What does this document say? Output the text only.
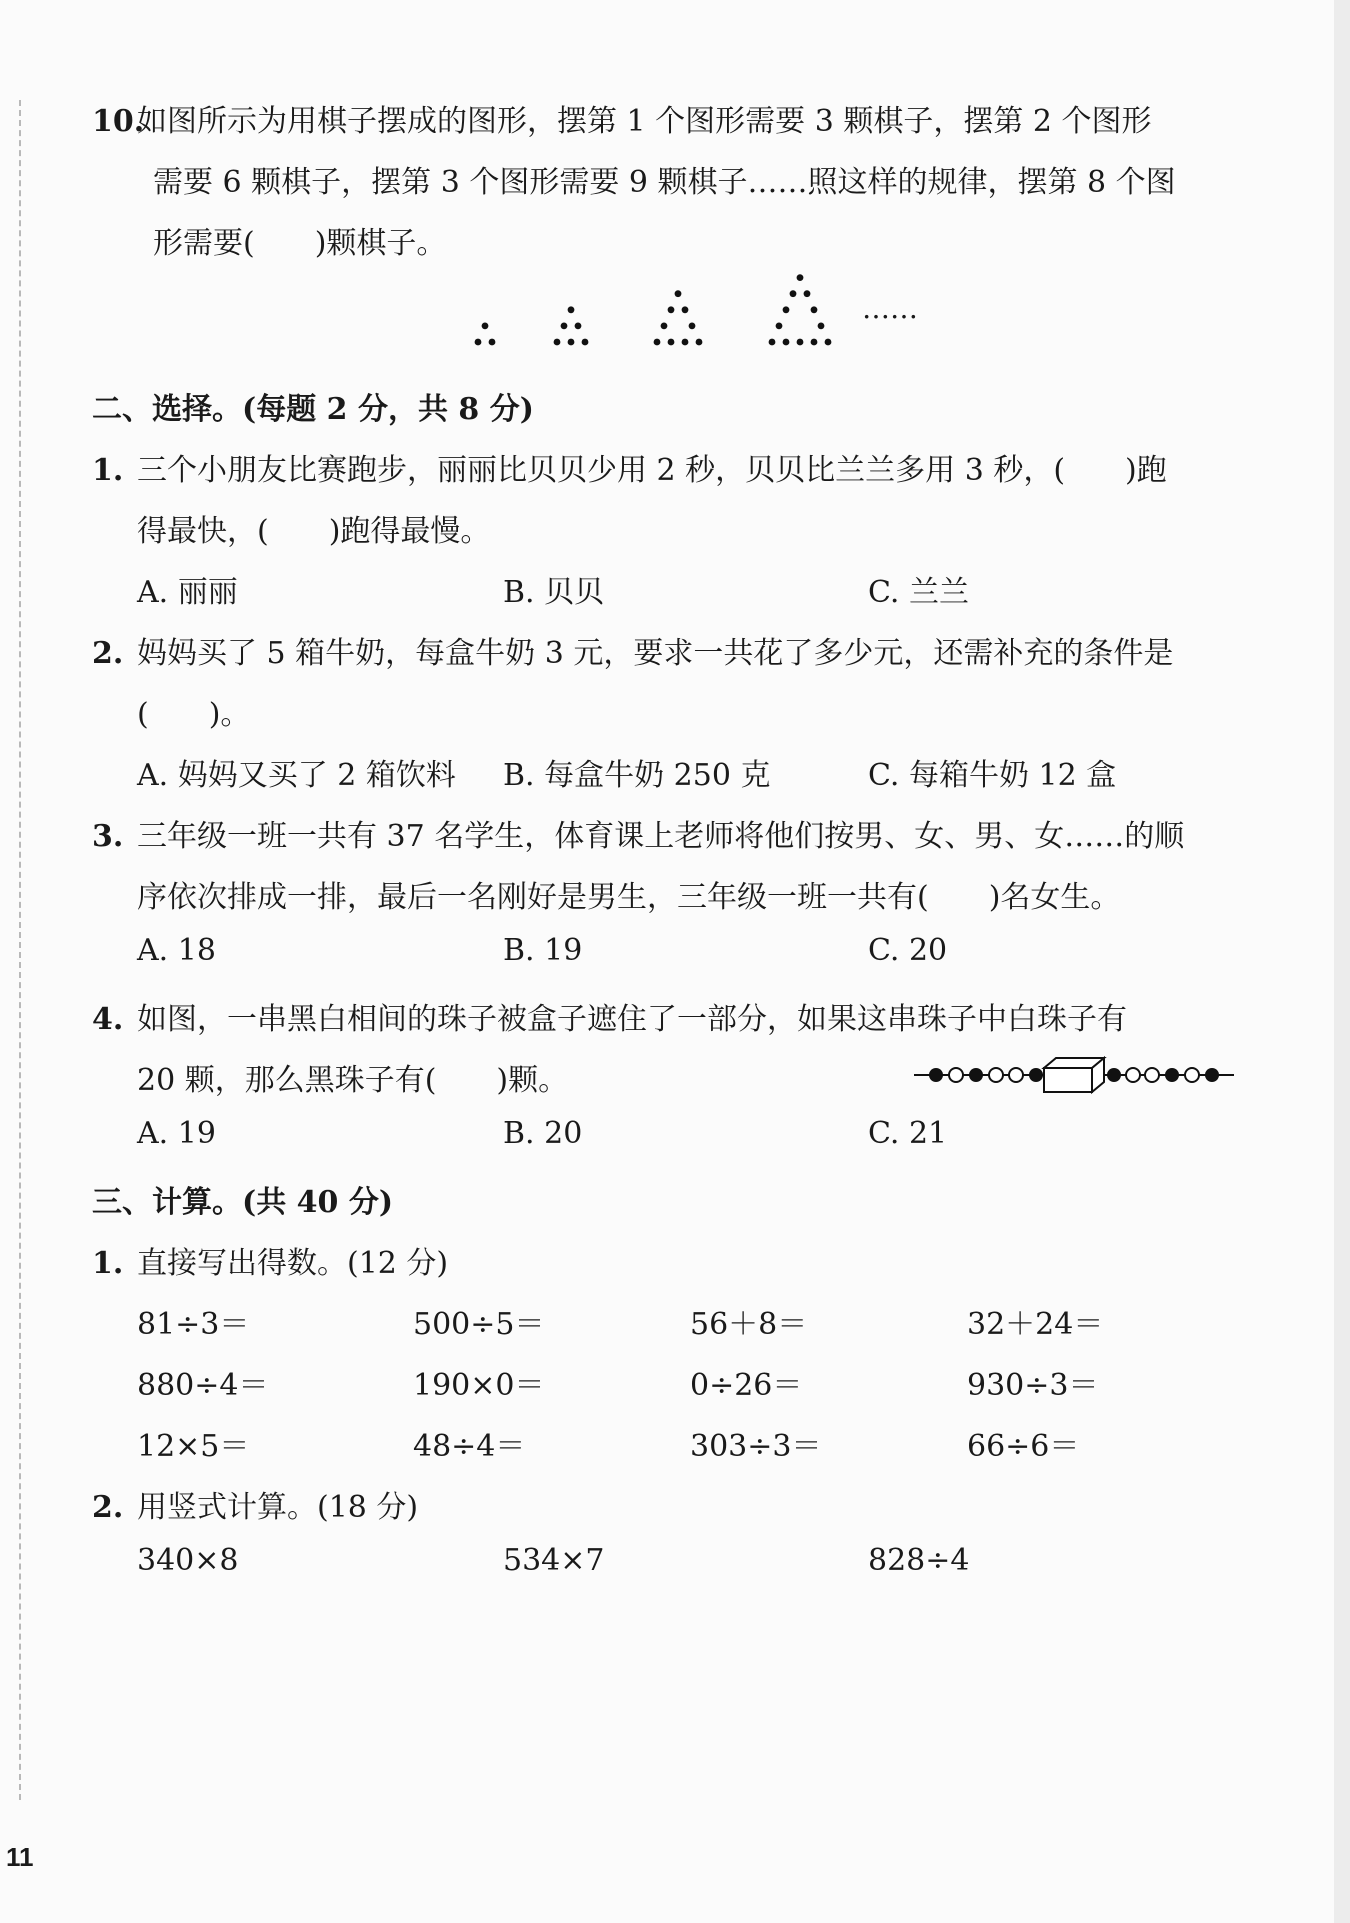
10.如图所示为用棋子摆成的图形，摆第 1 个图形需要 3 颗棋子，摆第 2 个图形
需要 6 颗棋子，摆第 3 个图形需要 9 颗棋子……照这样的规律，摆第 8 个图
形需要(　　)颗棋子。
……
二、选择。(每题 2 分，共 8 分)
1. 三个小朋友比赛跑步，丽丽比贝贝少用 2 秒，贝贝比兰兰多用 3 秒，(　　)跑
得最快，(　　)跑得最慢。
A. 丽丽	B. 贝贝	C. 兰兰
2. 妈妈买了 5 箱牛奶，每盒牛奶 3 元，要求一共花了多少元，还需补充的条件是
(　　)。
A. 妈妈又买了 2 箱饮料 B. 每盒牛奶 250 克	C. 每箱牛奶 12 盒
3. 三年级一班一共有 37 名学生，体育课上老师将他们按男、女、男、女……的顺
序依次排成一排，最后一名刚好是男生，三年级一班一共有(　　)名女生。
A. 18	B. 19	C. 20
4. 如图，一串黑白相间的珠子被盒子遮住了一部分，如果这串珠子中白珠子有
20 颗，那么黑珠子有(　　)颗。
A. 19	B. 20	C. 21
三、计算。(共 40 分)
1. 直接写出得数。(12 分)
81÷3＝	500÷5＝	56＋8＝	32＋24＝
880÷4＝	190×0＝	0÷26＝	930÷3＝
12×5＝	48÷4＝	303÷3＝	66÷6＝
2. 用竖式计算。(18 分)
340×8	534×7	828÷4
11
